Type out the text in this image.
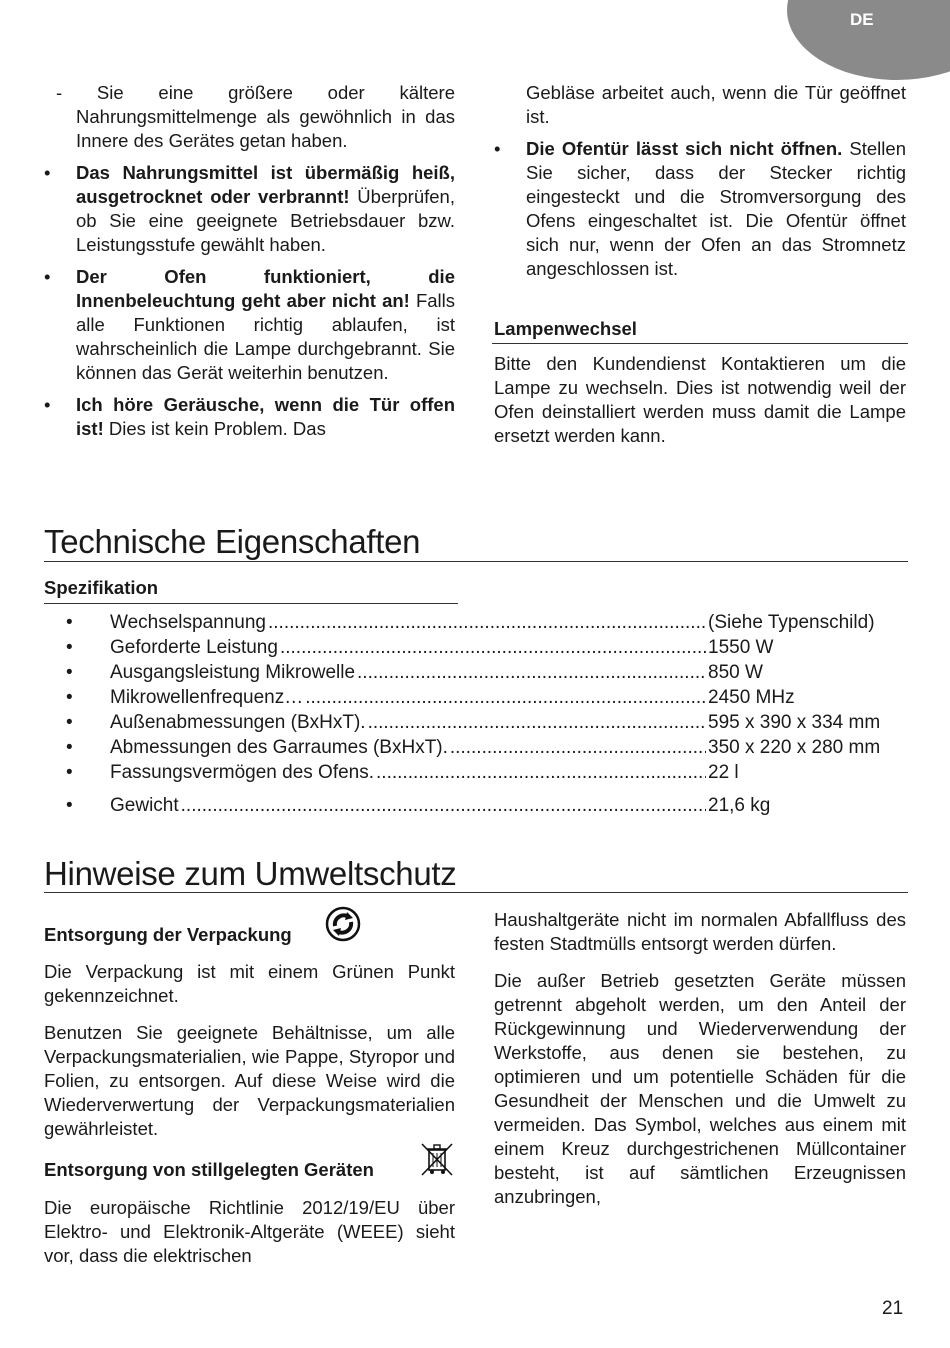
DE
- Sie eine größere oder kältere Nahrungsmittelmenge als gewöhnlich in das Innere des Gerätes getan haben.
• Das Nahrungsmittel ist übermäßig heiß, ausgetrocknet oder verbrannt! Überprüfen, ob Sie eine geeignete Betriebsdauer bzw. Leistungsstufe gewählt haben.
• Der Ofen funktioniert, die Innenbeleuchtung geht aber nicht an! Falls alle Funktionen richtig ablaufen, ist wahrscheinlich die Lampe durchgebrannt. Sie können das Gerät weiterhin benutzen.
• Ich höre Geräusche, wenn die Tür offen ist! Dies ist kein Problem. Das

Gebläse arbeitet auch, wenn die Tür geöffnet ist.

• Die Ofentür lässt sich nicht öffnen. Stellen Sie sicher, dass der Stecker richtig eingesteckt und die Stromversorgung des Ofens eingeschaltet ist. Die Ofentür öffnet sich nur, wenn der Ofen an das Stromnetz angeschlossen ist.
Lampenwechsel
Bitte den Kundendienst Kontaktieren um die Lampe zu wechseln. Dies ist notwendig weil der Ofen deinstalliert werden muss damit die Lampe ersetzt werden kann.
Technische Eigenschaften
Spezifikation
•	Wechselspannung .....	(Siehe Typenschild)
•	Geforderte Leistung .....	1550 W
•	Ausgangsleistung Mikrowelle .....	850 W
•	Mikrowellenfrequenz… .....	2450 MHz
•	Außenabmessungen (BxHxT). .....	595 x 390 x 334 mm
•	Abmessungen des Garraumes (BxHxT). .....	350 x 220 x 280 mm
•	Fassungsvermögen des Ofens. .....	22 l
•	Gewicht .....	21,6 kg
Hinweise zum Umweltschutz
Entsorgung der Verpackung

Die Verpackung ist mit einem Grünen Punkt gekennzeichnet.

Benutzen Sie geeignete Behältnisse, um alle Verpackungsmaterialien, wie Pappe, Styropor und Folien, zu entsorgen. Auf diese Weise wird die Wiederverwertung der Verpackungsmaterialien gewährleistet.

Entsorgung von stillgelegten Geräten
Die europäische Richtlinie 2012/19/EU über Elektro- und Elektronik-Altgeräte (WEEE) sieht vor, dass die elektrischen

Haushaltgeräte nicht im normalen Abfallfluss des festen Stadtmülls entsorgt werden dürfen.

Die außer Betrieb gesetzten Geräte müssen getrennt abgeholt werden, um den Anteil der Rückgewinnung und Wiederverwendung der Werkstoffe, aus denen sie bestehen, zu optimieren und um potentielle Schäden für die Gesundheit der Menschen und die Umwelt zu vermeiden. Das Symbol, welches aus einem mit einem Kreuz durchgestrichenen Müllcontainer besteht, ist auf sämtlichen Erzeugnissen anzubringen,

21
